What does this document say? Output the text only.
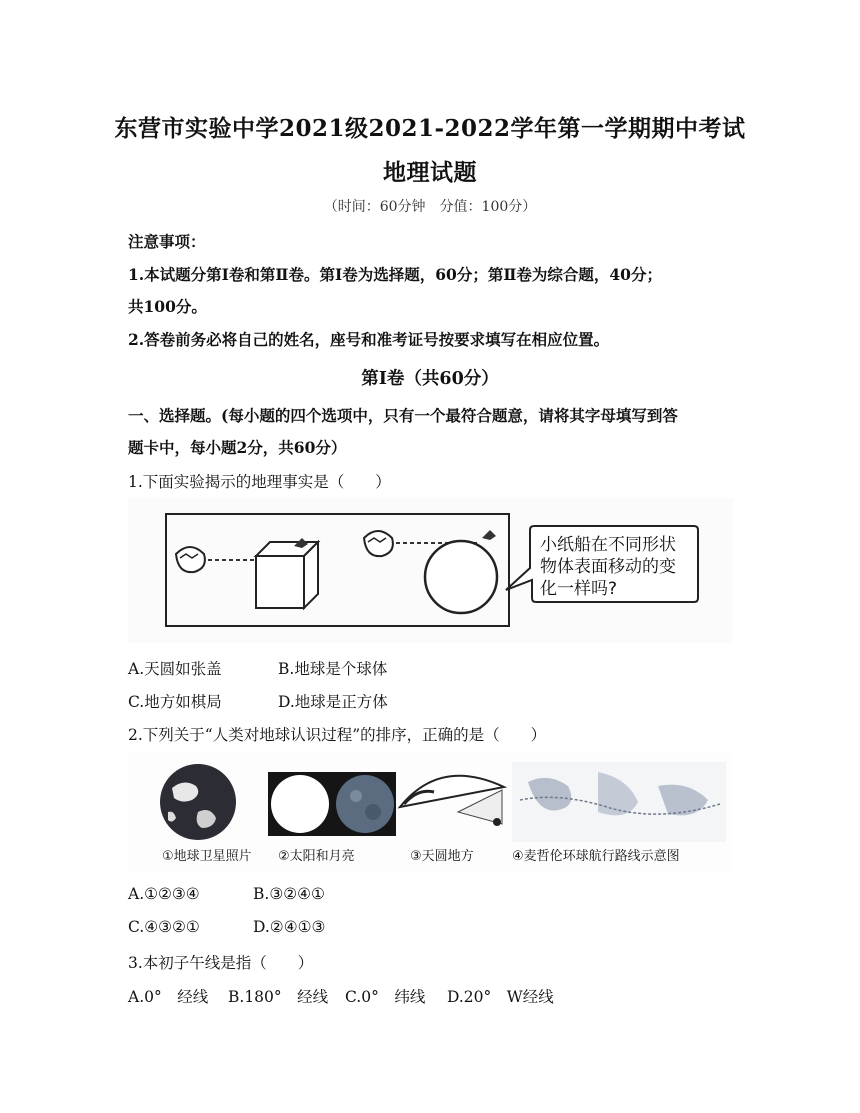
东营市实验中学2021级2021-2022学年第一学期期中考试
地理试题
（时间：60分钟　分值：100分）
注意事项：
1.本试题分第Ⅰ卷和第Ⅱ卷。第Ⅰ卷为选择题，60分；第Ⅱ卷为综合题，40分；
共100分。
2.答卷前务必将自己的姓名，座号和准考证号按要求填写在相应位置。
第Ⅰ卷（共60分）
一、选择题。(每小题的四个选项中，只有一个最符合题意，请将其字母填写到答
题卡中，每小题2分，共60分）
1.下面实验揭示的地理事实是（　　）
小纸船在不同形状
物体表面移动的变
化一样吗?
A.天圆如张盖	B.地球是个球体
C.地方如棋局	D.地球是正方体
2.下列关于“人类对地球认识过程”的排序，正确的是（　　）
①地球卫星照片 ②太阳和月亮	③天圆地方	④麦哲伦环球航行路线示意图
A.①②③④	B.③②④①
C.④③②①	D.②④①③
3.本初子午线是指（　　）
A.0°　经线 B.180°　经线 C.0°　纬线 D.20°　W经线
